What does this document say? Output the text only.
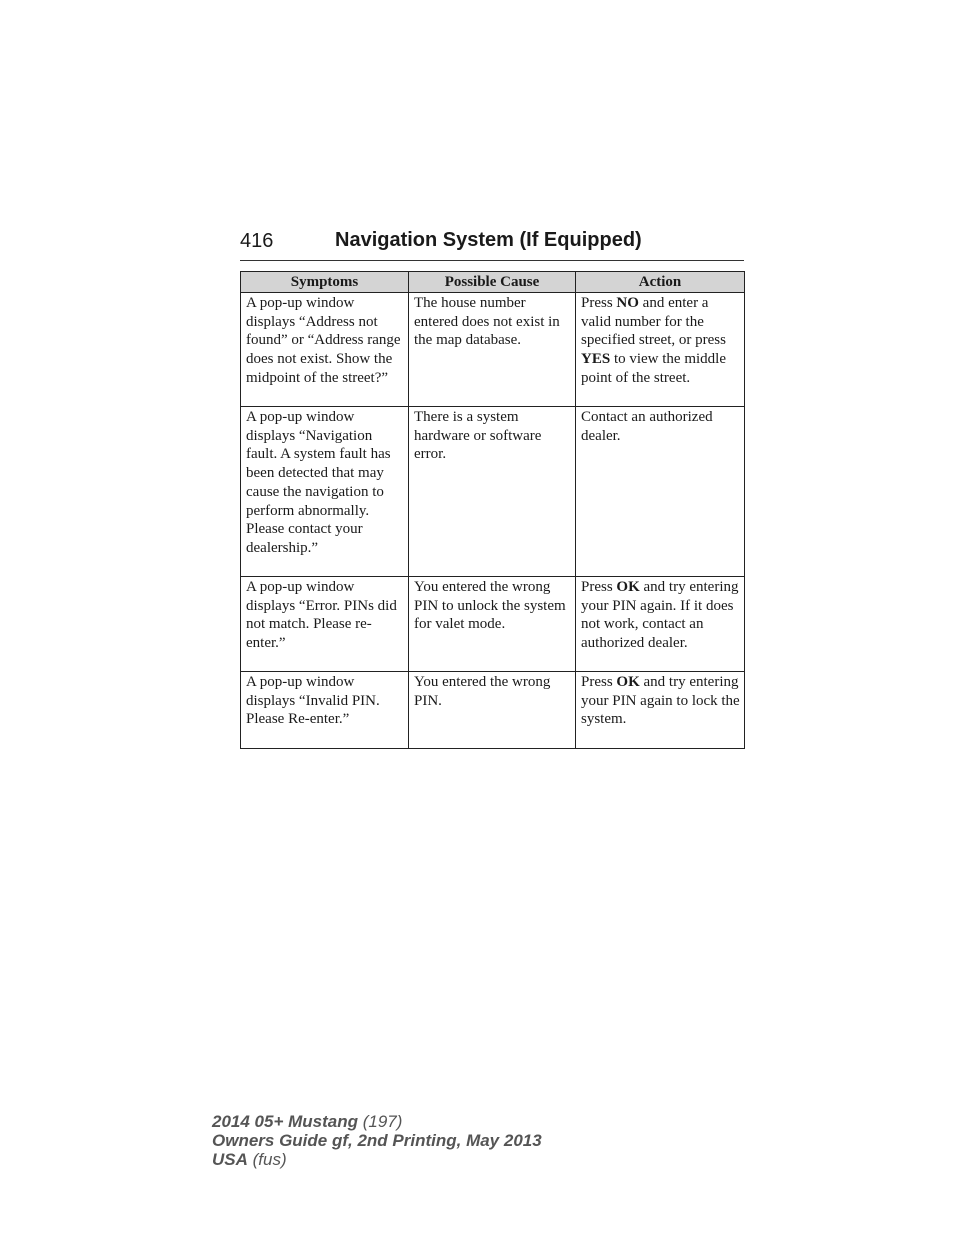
416	Navigation System (If Equipped)
Symptoms	Possible Cause	Action
A pop-up window displays “Address not found” or “Address range does not exist. Show the midpoint of the street?”	The house number entered does not exist in the map database.	Press NO and enter a valid number for the specified street, or press YES to view the middle point of the street.
A pop-up window displays “Navigation fault. A system fault has been detected that may cause the navigation to perform abnormally. Please contact your dealership.”	There is a system hardware or software error.	Contact an authorized dealer.
A pop-up window displays “Error. PINs did not match. Please re-enter.”	You entered the wrong PIN to unlock the system for valet mode.	Press OK and try entering your PIN again. If it does not work, contact an authorized dealer.
A pop-up window displays “Invalid PIN. Please Re-enter.”	You entered the wrong PIN.	Press OK and try entering your PIN again to lock the system.
2014 05+ Mustang (197)
Owners Guide gf, 2nd Printing, May 2013
USA (fus)
